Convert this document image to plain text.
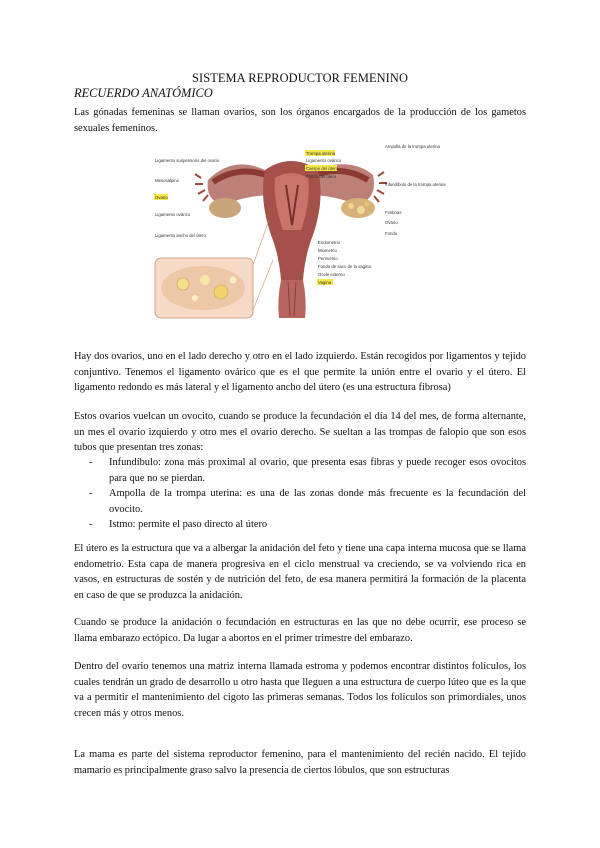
SISTEMA REPRODUCTOR FEMENINO
RECUERDO ANATÓMICO

Las gónadas femeninas se llaman ovarios, son los órganos encargados de la producción de los gametos sexuales femeninos.

Ligamento suspensorio del ovario
Mesosalpinx
Ovario
Ligamento ovárico
Ligamento ancho del útero
Trompa uterina
Ligamento ovárico
Cuerpo del útero
Fondo del útero
Ampolla de la trompa uterina
Infundíbulo de la trompa uterina
Fimbrias
Ovario
Fondo
Endometrio
Miometrio
Perimetrio
Fondo de saco de la vagina
Ocele externo
Vagina

Hay dos ovarios, uno en el lado derecho y otro en el lado izquierdo. Están recogidos por ligamentos y tejido conjuntivo. Tenemos el ligamento ovárico que es el que permite la unión entre el ovario y el útero. El ligamento redondo es más lateral y el ligamento ancho del útero (es una estructura fibrosa)

Estos ovarios vuelcan un ovocito, cuando se produce la fecundación el día 14 del mes, de forma alternante, un mes el ovario izquierdo y otro mes el ovario derecho. Se sueltan a las trompas de falopio que son esos tubos que presentan tres zonas:

- Infundíbulo: zona más proximal al ovario, que presenta esas fibras y puede recoger esos ovocitos para que no se pierdan.
- Ampolla de la trompa uterina: es una de las zonas donde más frecuente es la fecundación del ovocito.
- Istmo: permite el paso directo al útero

El útero es la estructura que va a albergar la anidación del feto y tiene una capa interna mucosa que se llama endometrio. Esta capa de manera progresiva en el ciclo menstrual va creciendo, se va volviendo rica en vasos, en estructuras de sostén y de nutrición del feto, de esa manera permitirá la formación de la placenta en caso de que se produzca la anidación.

Cuando se produce la anidación o fecundación en estructuras en las que no debe ocurrir, ese proceso se llama embarazo ectópico. Da lugar a abortos en el primer trimestre del embarazo.

Dentro del ovario tenemos una matriz interna llamada estroma y podemos encontrar distintos folículos, los cuales tendrán un grado de desarrollo u otro hasta que lleguen a una estructura de cuerpo lúteo que es la que va a permitir el mantenimiento del cigoto las primeras semanas. Todos los folículos son primordiales, unos crecen más y otros menos.

La mama es parte del sistema reproductor femenino, para el mantenimiento del recién nacido. El tejido mamario es principalmente graso salvo la presencia de ciertos lóbulos, que son estructuras
